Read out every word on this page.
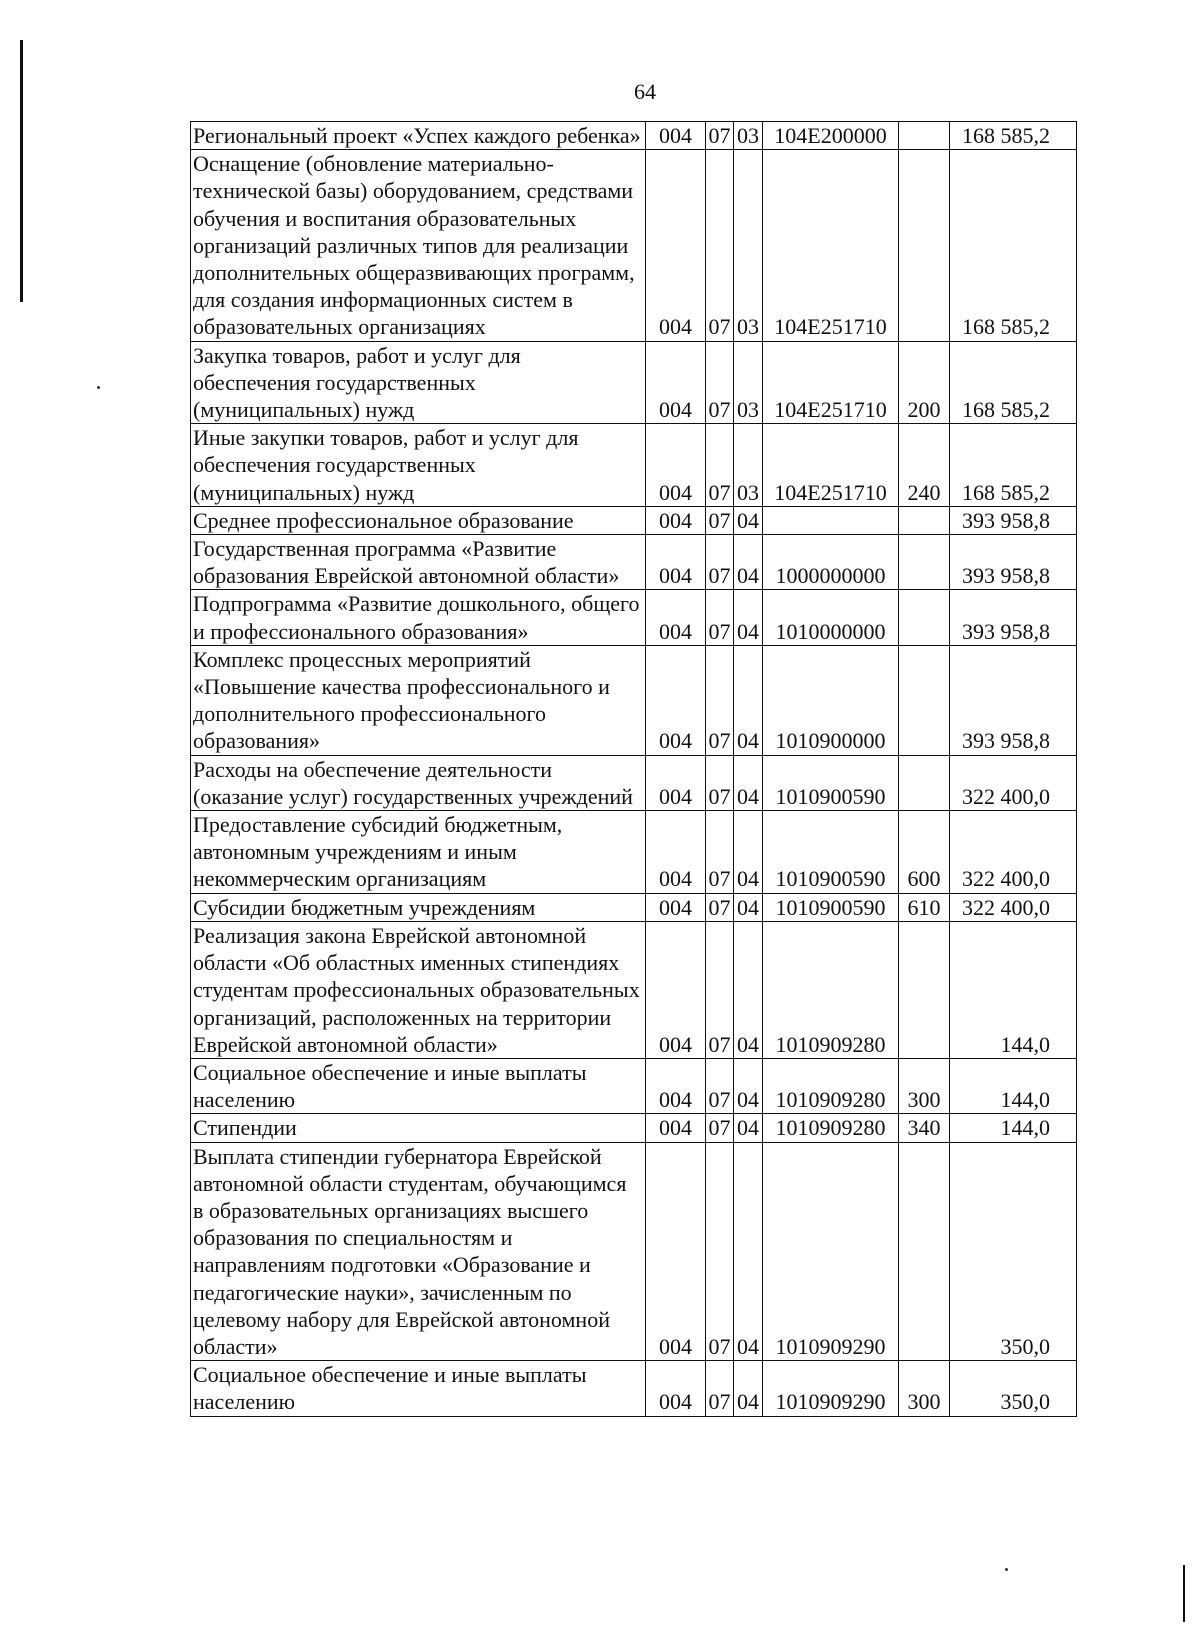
64
Региональный проект «Успех каждого ребенка»	004	07	03	104E200000		168 585,2
Оснащение (обновление материально-технической базы) оборудованием, средствами обучения и воспитания образовательных организаций различных типов для реализации дополнительных общеразвивающих программ, для создания информационных систем в образовательных организациях	004	07	03	104E251710		168 585,2
Закупка товаров, работ и услуг для обеспечения государственных (муниципальных) нужд	004	07	03	104E251710	200	168 585,2
Иные закупки товаров, работ и услуг для обеспечения государственных (муниципальных) нужд	004	07	03	104E251710	240	168 585,2
Среднее профессиональное образование	004	07	04			393 958,8
Государственная программа «Развитие образования Еврейской автономной области»	004	07	04	1000000000		393 958,8
Подпрограмма «Развитие дошкольного, общего и профессионального образования»	004	07	04	1010000000		393 958,8
Комплекс процессных мероприятий «Повышение качества профессионального и дополнительного профессионального образования»	004	07	04	1010900000		393 958,8
Расходы на обеспечение деятельности (оказание услуг) государственных учреждений	004	07	04	1010900590		322 400,0
Предоставление субсидий бюджетным, автономным учреждениям и иным некоммерческим организациям	004	07	04	1010900590	600	322 400,0
Субсидии бюджетным учреждениям	004	07	04	1010900590	610	322 400,0
Реализация закона Еврейской автономной области «Об областных именных стипендиях студентам профессиональных образовательных организаций, расположенных на территории Еврейской автономной области»	004	07	04	1010909280		144,0
Социальное обеспечение и иные выплаты населению	004	07	04	1010909280	300	144,0
Стипендии	004	07	04	1010909280	340	144,0
Выплата стипендии губернатора Еврейской автономной области студентам, обучающимся в образовательных организациях высшего образования по специальностям и направлениям подготовки «Образование и педагогические науки», зачисленным по целевому набору для Еврейской автономной области»	004	07	04	1010909290		350,0
Социальное обеспечение и иные выплаты населению	004	07	04	1010909290	300	350,0
